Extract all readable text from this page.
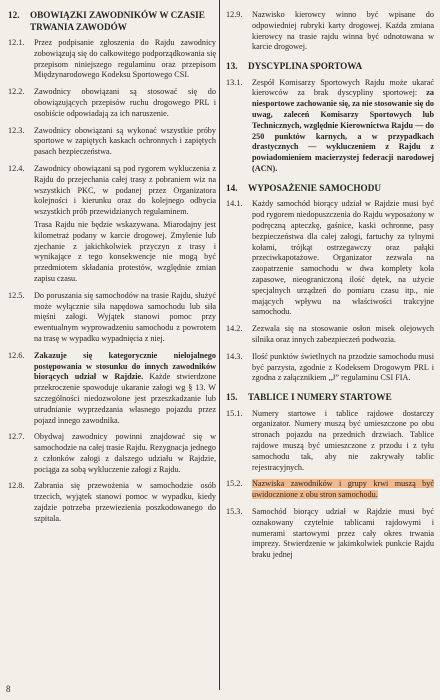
12.	OBOWIĄZKI ZAWODNIKÓW W CZASIE TRWANIA ZAWODÓW
12.1.	Przez podpisanie zgłoszenia do Rajdu zawodnicy zobowiązują się do całkowitego podporządkowania się przepisom niniejszego regulaminu oraz przepisom Międzynarodowego Kodeksu Sportowego CSI.
12.2.	Zawodnicy obowiązani są stosować się do obowiązujących przepisów ruchu drogowego PRL i osobiście odpowiadają za ich naruszenie.
12.3.	Zawodnicy obowiązani są wykonać wszystkie próby sportowe w zapiętych kaskach ochronnych i zapiętych pasach bezpieczeństwa.
12.4.	Zawodnicy obowiązani są pod rygorem wykluczenia z Rajdu do przejechania całej trasy z pobraniem wiz na wszystkich PKC, w podanej przez Organizatora kolejności i kierunku oraz do kolejnego odbycia wszystkich prób przewidzianych regulaminem.
Trasa Rajdu nie będzie wskazywana. Miarodajny jest kilometraż podany w karcie drogowej. Zmylenie lub zjechanie z jakichkolwiek przyczyn z trasy i wynikające z tego konsekwencje nie mogą być przedmiotem składania protestów, względnie zmian zapisu czasu.
12.5.	Do poruszania się samochodów na trasie Rajdu, służyć może wyłącznie siła napędowa samochodu lub siła mięśni załogi. Wyjątek stanowi pomoc przy ewentualnym wyprowadzeniu samochodu z powrotem na trasę w wypadku wypadnięcia z niej.
12.6.	Zakazuje się kategorycznie niełojalnego postępowania w stosunku do innych zawodników biorących udział w Rajdzie. Każde stwierdzone przekroczenie spowoduje ukaranie załogi wg § 13. W szczególności niedozwolone jest przeszkadzanie lub utrudnianie wyprzedzania własnego pojazdu przez pojazd innego zawodnika.
12.7.	Obydwaj zawodnicy powinni znajdować się w samochodzie na całej trasie Rajdu. Rezygnacja jednego z członków załogi z dalszego udziału w Rajdzie, pociąga za sobą wykluczenie załogi z Rajdu.
12.8.	Zabrania się przewożenia w samochodzie osób trzecich, wyjątek stanowi pomoc w wypadku, kiedy zajdzie potrzeba przewiezienia poszkodowanego do szpitala.
12.9.	Nazwisko kierowcy winno być wpisane do odpowiedniej rubryki karty drogowej. Każda zmiana kierowcy na trasie rajdu winna być odnotowana w karcie drogowej.
13.	DYSCYPLINA SPORTOWA
13.1.	Zespół Komisarzy Sportowych Rajdu może ukarać kierowców za brak dyscypliny sportowej: za niesportowe zachowanie się, za nie stosowanie się do uwag, zaleceń Komisarzy Sportowych lub Technicznych, względnie Kierownictwa Rajdu — do 250 punktów karnych, a w przypadkach drastycznych — wykluczeniem z Rajdu z powiadomieniem macierzystej federacji narodowej (ACN).
14.	WYPOSAŻENIE SAMOCHODU
14.1.	Każdy samochód biorący udział w Rajdzie musi być pod rygorem niedopuszczenia do Rajdu wyposażony w podręczną apteczkę, gaśnice, kaski ochronne, pasy bezpieczeństwa dla całej załogi, fartuchy za tylnymi kołami, trójkąt ostrzegawczy oraz pałąki przeciwkapotażowe. Organizator zezwala na zaopatrzenie samochodu w dwa komplety koła zapasowe, nieograniczoną ilość dętek, na użycie specjalnych urządzeń do pomiaru czasu itp., nie mających wpływu na właściwości trakcyjne samochodu.
14.2.	Zezwala się na stosowanie osłon misek olejowych silnika oraz innych zabezpieczeń podwozia.
14.3.	Ilość punktów świetlnych na przodzie samochodu musi być parzysta, zgodnie z Kodeksem Drogowym PRL i zgodna z załącznikiem „J” regulaminu CSI FIA.
15.	TABLICE I NUMERY STARTOWE
15.1.	Numery startowe i tablice rajdowe dostarczy organizator. Numery muszą być umieszczone po obu stronach pojazdu na przednich drzwiach. Tablice rajdowe muszą być umieszczone z przodu i z tyłu samochodu tak, aby nie zakrywały tablic rejestracyjnych.
15.2.	Nazwiska zawodników i grupy krwi muszą być uwidocznione z obu stron samochodu.
15.3.	Samochód biorący udział w Rajdzie musi być oznakowany czytelnie tablicami rajdowymi i numerami startowymi przez cały okres trwania imprezy. Stwierdzenie w jakimkolwiek punkcie Rajdu braku jednej
8
